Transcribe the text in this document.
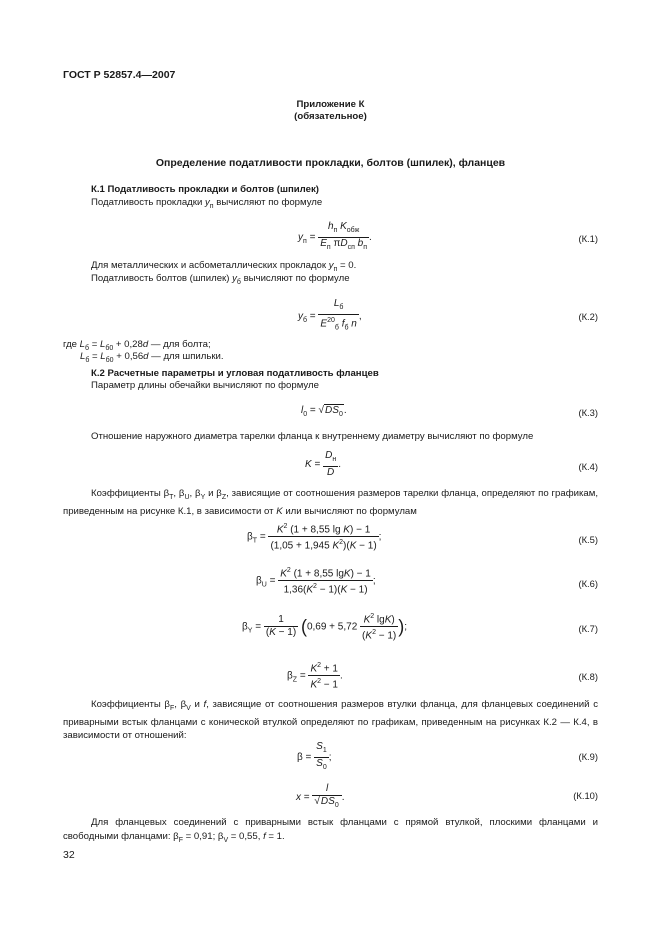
ГОСТ Р 52857.4—2007
Приложение К
(обязательное)
Определение податливости прокладки, болтов (шпилек), фланцев
К.1 Податливость прокладки и болтов (шпилек)
Податливость прокладки $y_п$ вычисляют по формуле
$y_п = \frac{h_п K_{обж}}{E_п \pi D_{сп} b_п}$ .	(К.1)
Для металлических и асбометаллических прокладок $y_п = 0$.
Податливость болтов (шпилек) $y_б$ вычисляют по формуле
$y_б = \frac{L_б}{E^{20}_б f_б n}$ ,	(К.2)
где $L_б = L_{б0} + 0,28d$ — для болта;
$L_б = L_{б0} + 0,56d$ — для шпильки.
К.2 Расчетные параметры и угловая податливость фланцев
Параметр длины обечайки вычисляют по формуле
$l_0 = √DS_0$.	(К.3)
Отношение наружного диаметра тарелки фланца к внутреннему диаметру вычисляют по формуле
$K = \frac{D_н}{D}$ .	(К.4)
Коэффициенты $\beta_T$, $\beta_U$, $\beta_Y$ и $\beta_Z$, зависящие от соотношения размеров тарелки фланца, определяют по графикам, приведенным на рисунке К.1, в зависимости от K или вычисляют по формулам
$\beta_T = \frac{K^2 (1 + 8,55 \lg K) - 1}{(1,05 + 1,945 K^2)(K - 1)}$ ;	(К.5)
$\beta_U = \frac{K^2 (1 + 8,55 \lg K) - 1}{1,36(K^2 - 1)(K - 1)}$ ;	(К.6)
$\beta_Y = \frac{1}{(K - 1)} (0,69 + 5,72 \frac{K^2 \lg K)}{(K^2 - 1)}$ );	(К.7)
$\beta_Z = \frac{K^2 + 1}{K^2 - 1}$ .	(К.8)
Коэффициенты $\beta_F$, $\beta_V$ и f, зависящие от соотношения размеров втулки фланца, для фланцевых соединений с приварными встык фланцами с конической втулкой определяют по графикам, приведенным на рисунках К.2 — К.4, в зависимости от отношений:
$\beta = \frac{S_1}{S_0}$ ;	(К.9)
$x = \frac{l}{√DS_0}$ .	(К.10)
Для фланцевых соединений с приварными встык фланцами с прямой втулкой, плоскими фланцами и свободными фланцами: $\beta_F = 0,91$; $\beta_V = 0,55$, f = 1.
32
